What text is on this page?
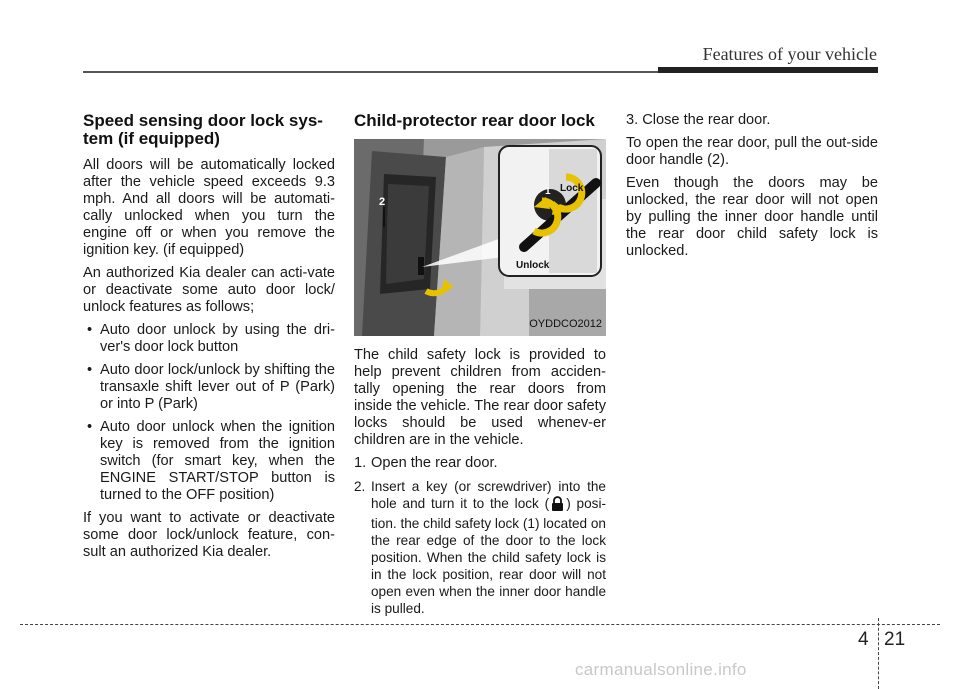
Features of your vehicle
Speed sensing door lock sys-
tem (if equipped)

All doors will be automatically locked after the vehicle speed exceeds 9.3 mph. And all doors will be automati-cally unlocked when you turn the engine off or when you remove the ignition key. (if equipped)

An authorized Kia dealer can acti-vate or deactivate some auto door lock/ unlock features as follows;

• Auto door unlock by using the dri-ver's door lock button
• Auto door lock/unlock by shifting the transaxle shift lever out of P (Park) or into P (Park)
• Auto door unlock when the ignition key is removed from the ignition switch (for smart key, when the ENGINE START/STOP button is turned to the OFF position)

If you want to activate or deactivate some door lock/unlock feature, con-sult an authorized Kia dealer.

Child-protector rear door lock
Lock
Unlock
1
2
OYDDCO2012

The child safety lock is provided to help prevent children from acciden-tally opening the rear doors from inside the vehicle. The rear door safety locks should be used whenev-er children are in the vehicle.

1. Open the rear door.
2. Insert a key (or screwdriver) into the hole and turn it to the lock ( ) posi-tion. the child safety lock (1) located on the rear edge of the door to the lock position. When the child safety lock is in the lock position, rear door will not open even when the inner door handle is pulled.

3. Close the rear door.

To open the rear door, pull the out-side door handle (2).

Even though the doors may be unlocked, the rear door will not open by pulling the inner door handle until the rear door child safety lock is unlocked.

4 21
carmanualsonline.info
